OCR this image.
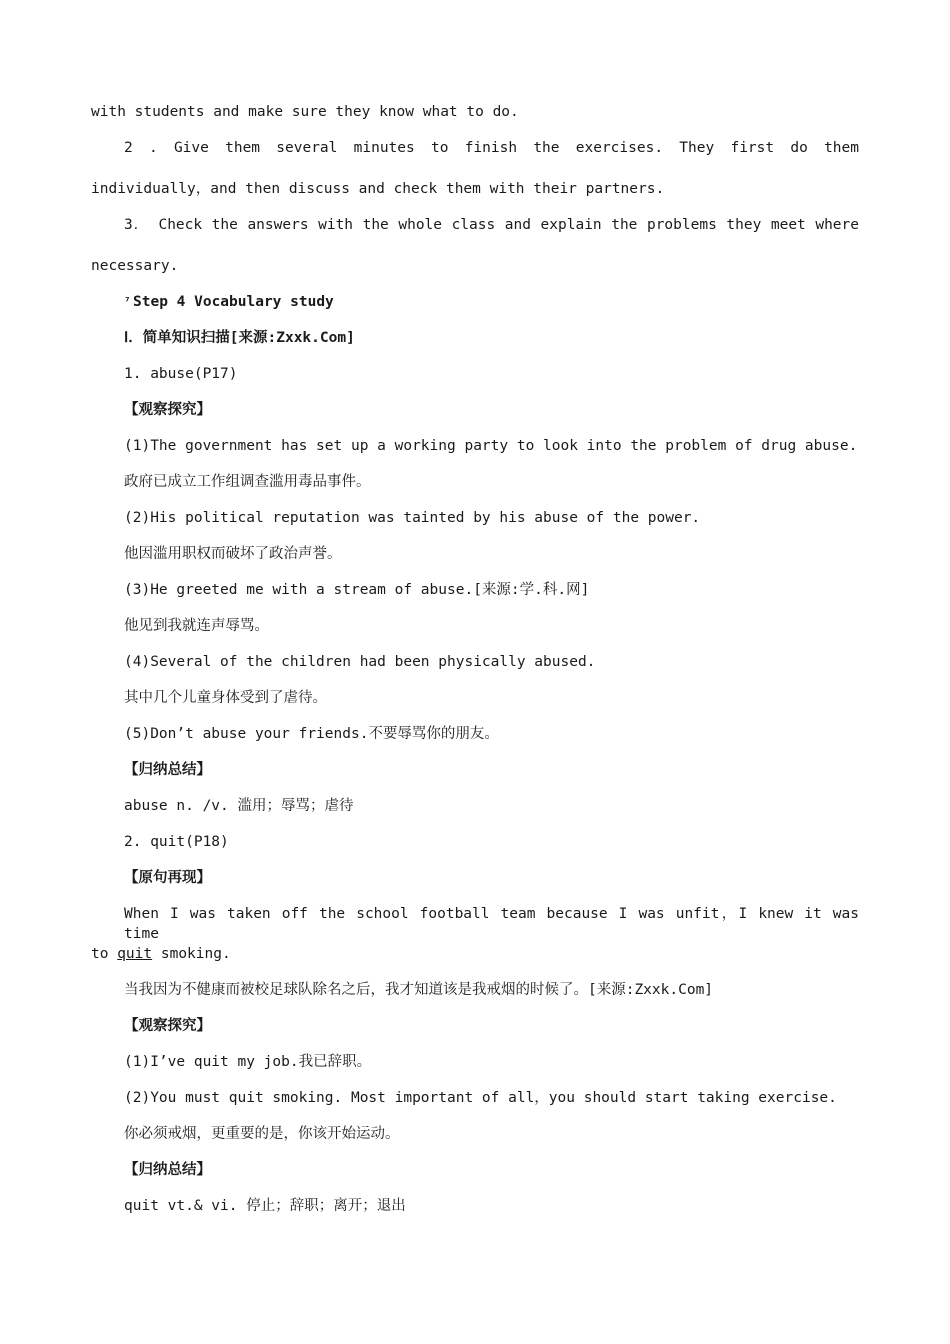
with students and make sure they know what to do.
2 . Give them several minutes to finish the exercises. They first do them
individually，and then discuss and check them with their partners.
3． Check the answers with the whole class and explain the problems they meet where
necessary.
⁷ Step 4 Vocabulary study
Ⅰ．简单知识扫描[来源:Zxxk.Com]
1. abuse(P17)
【观察探究】
(1)The government has set up a working party to look into the problem of drug abuse.
政府已成立工作组调查滥用毒品事件。
(2)His political reputation was tainted by his abuse of the power.
他因滥用职权而破坏了政治声誉。
(3)He greeted me with a stream of abuse.[来源:学.科.网]
他见到我就连声辱骂。
(4)Several of the children had been physically abused.
其中几个儿童身体受到了虐待。
(5)Don’t abuse your friends.不要辱骂你的朋友。
【归纳总结】
abuse n. /v. 滥用；辱骂；虐待
2. quit(P18)
【原句再现】
When I was taken off the school football team because I was unfit，I knew it was time
to quit smoking.
当我因为不健康而被校足球队除名之后，我才知道该是我戒烟的时候了。[来源:Zxxk.Com]
【观察探究】
(1)I’ve quit my job.我已辞职。
(2)You must quit smoking. Most important of all，you should start taking exercise.
你必须戒烟，更重要的是，你该开始运动。
【归纳总结】
quit vt.& vi. 停止；辞职；离开；退出
